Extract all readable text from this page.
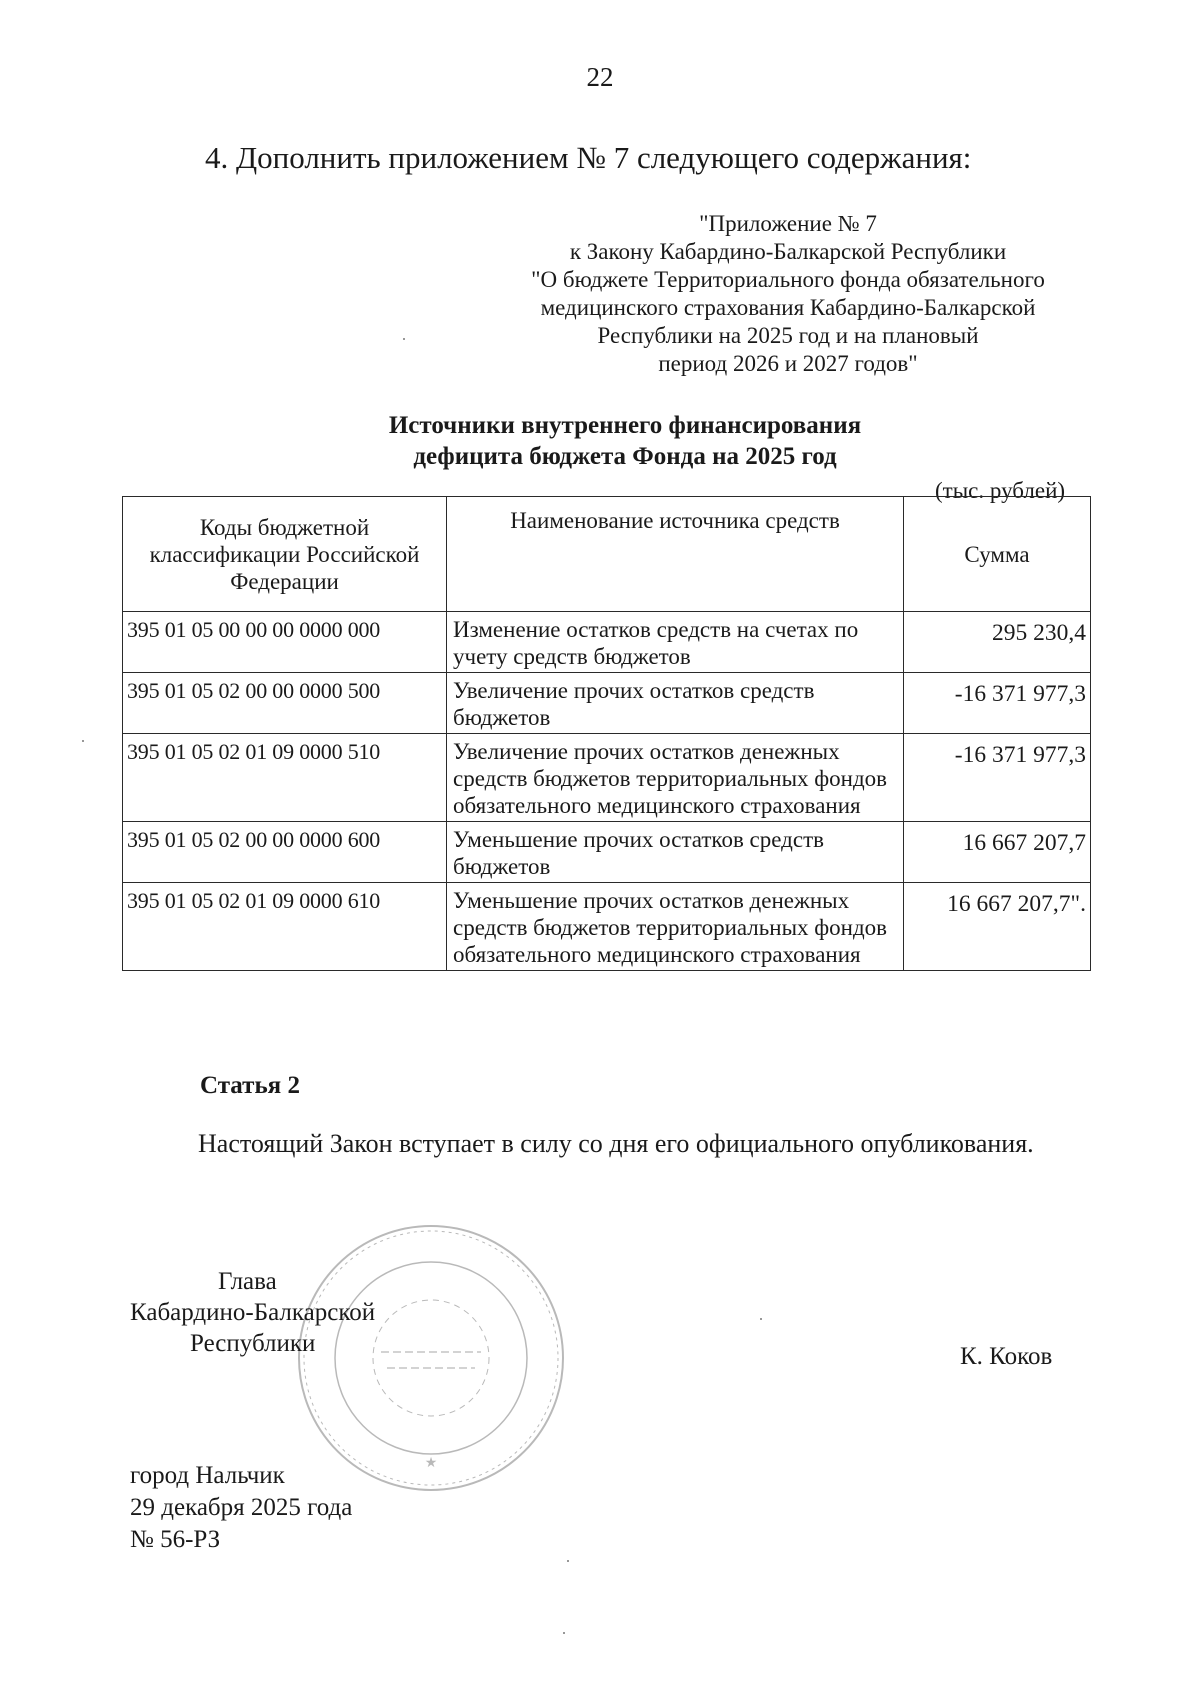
22
4. Дополнить приложением № 7 следующего содержания:
"Приложение № 7
к Закону Кабардино-Балкарской Республики
"О бюджете Территориального фонда обязательного
медицинского страхования Кабардино-Балкарской
Республики на 2025 год и на плановый
период 2026 и 2027 годов"
Источники внутреннего финансирования
дефицита бюджета Фонда на 2025 год
(тыс. рублей)
Коды бюджетной классификации Российской Федерации	Наименование источника средств	Сумма
395 01 05 00 00 00 0000 000	Изменение остатков средств на счетах по учету средств бюджетов	295 230,4
395 01 05 02 00 00 0000 500	Увеличение прочих остатков средств бюджетов	-16 371 977,3
395 01 05 02 01 09 0000 510	Увеличение прочих остатков денежных средств бюджетов территориальных фондов обязательного медицинского страхования	-16 371 977,3
395 01 05 02 00 00 0000 600	Уменьшение прочих остатков средств бюджетов	16 667 207,7
395 01 05 02 01 09 0000 610	Уменьшение прочих остатков денежных средств бюджетов территориальных фондов обязательного медицинского страхования	16 667 207,7".
Статья 2
Настоящий Закон вступает в силу со дня его официального опубликования.
★
Глава
Кабардино-Балкарской
Республики	К. Коков
город Нальчик
29 декабря 2025 года
№ 56-РЗ
